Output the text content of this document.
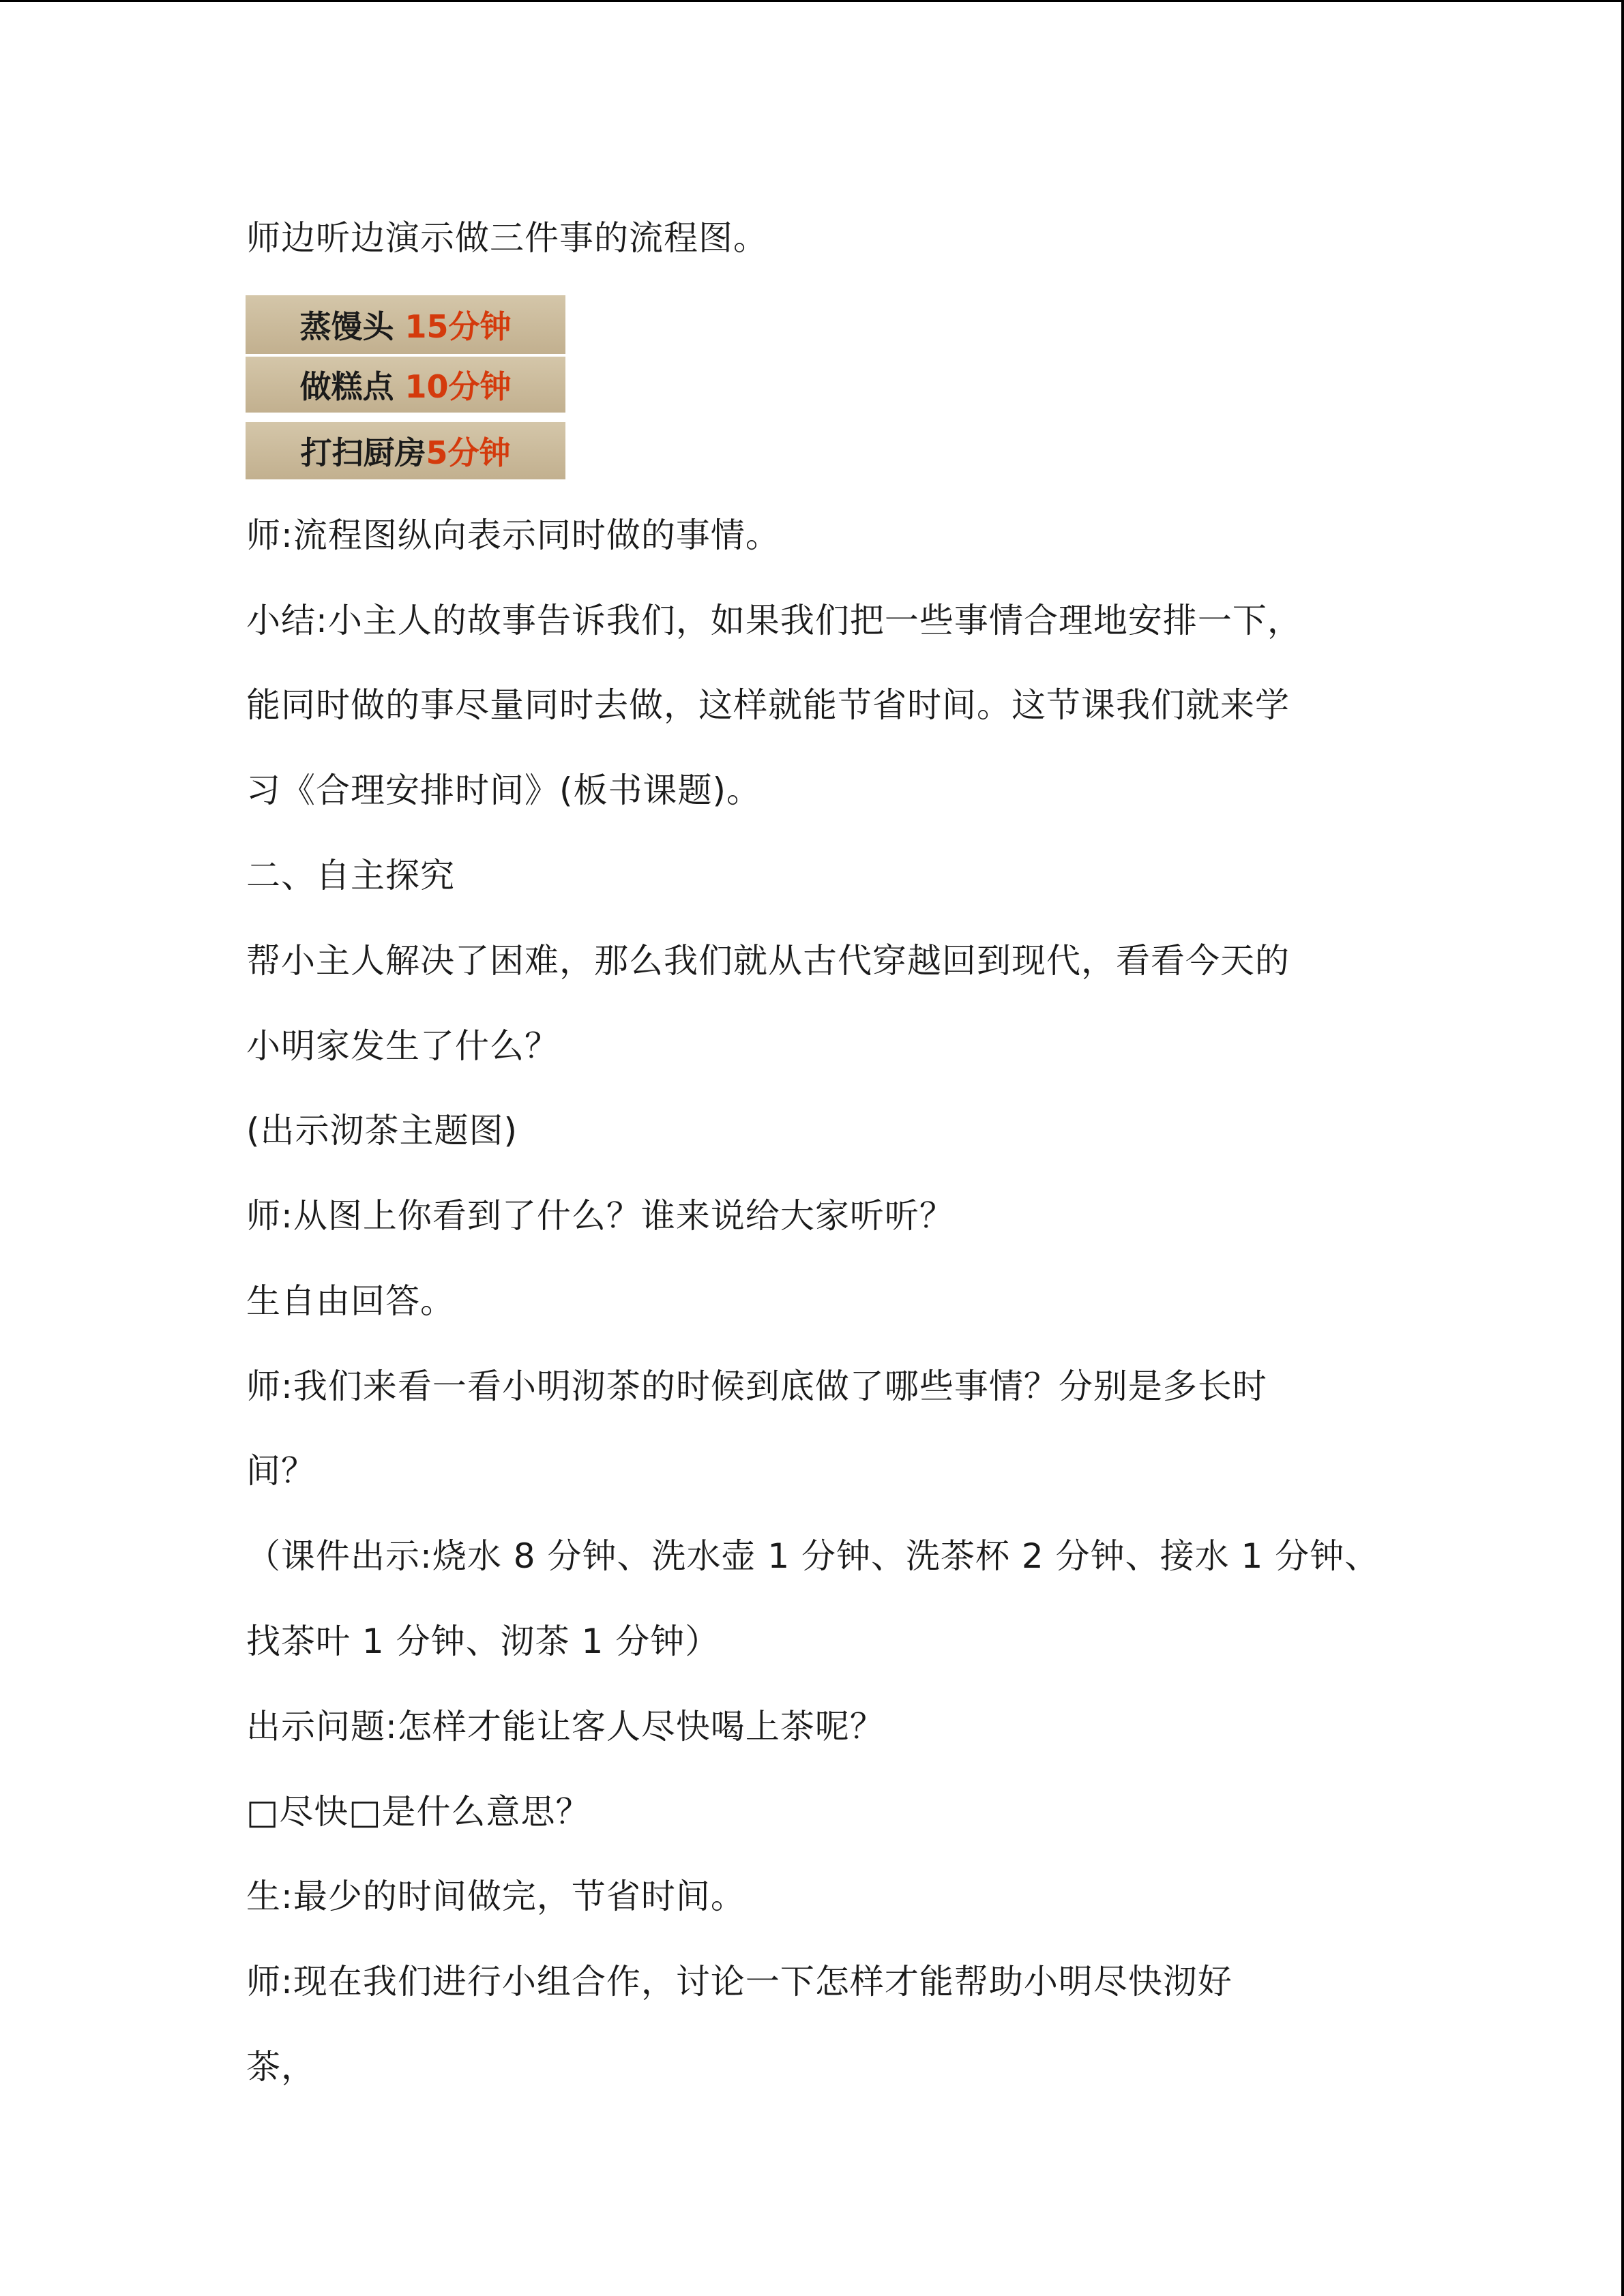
师边听边演示做三件事的流程图。
蒸馒头 15分钟
做糕点 10分钟
打扫厨房 5分钟
师:流程图纵向表示同时做的事情。
小结:小主人的故事告诉我们，如果我们把一些事情合理地安排一下，
能同时做的事尽量同时去做，这样就能节省时间。这节课我们就来学
习《合理安排时间》(板书课题)。
二、自主探究
帮小主人解决了困难，那么我们就从古代穿越回到现代，看看今天的
小明家发生了什么？
(出示沏茶主题图)
师:从图上你看到了什么？谁来说给大家听听？
生自由回答。
师:我们来看一看小明沏茶的时候到底做了哪些事情？分别是多长时
间？
（课件出示:烧水 8 分钟、洗水壶 1 分钟、洗茶杯 2 分钟、接水 1 分钟、
找茶叶 1 分钟、沏茶 1 分钟）
出示问题:怎样才能让客人尽快喝上茶呢？
□尽快□是什么意思？
生:最少的时间做完，节省时间。
师:现在我们进行小组合作，讨论一下怎样才能帮助小明尽快沏好
茶，
